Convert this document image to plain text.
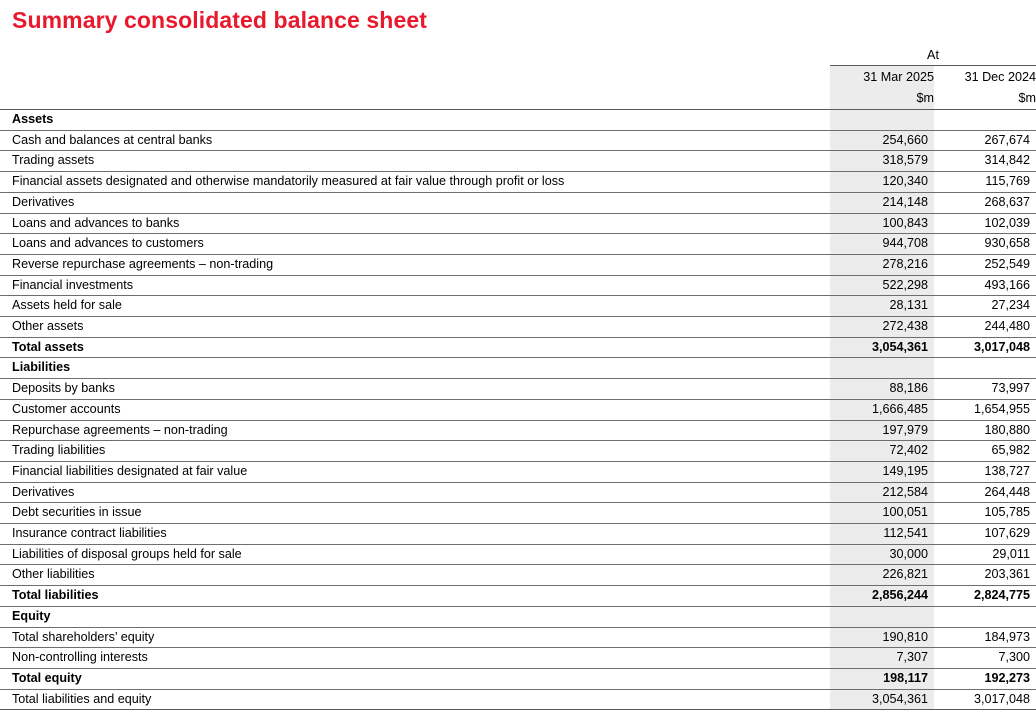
Summary consolidated balance sheet
	At	
	31 Mar 2025	31 Dec 2024
	$m	$m
Assets		
Cash and balances at central banks	254,660	267,674
Trading assets	318,579	314,842
Financial assets designated and otherwise mandatorily measured at fair value through profit or loss	120,340	115,769
Derivatives	214,148	268,637
Loans and advances to banks	100,843	102,039
Loans and advances to customers	944,708	930,658
Reverse repurchase agreements – non-trading	278,216	252,549
Financial investments	522,298	493,166
Assets held for sale	28,131	27,234
Other assets	272,438	244,480
Total assets	3,054,361	3,017,048
Liabilities		
Deposits by banks	88,186	73,997
Customer accounts	1,666,485	1,654,955
Repurchase agreements – non-trading	197,979	180,880
Trading liabilities	72,402	65,982
Financial liabilities designated at fair value	149,195	138,727
Derivatives	212,584	264,448
Debt securities in issue	100,051	105,785
Insurance contract liabilities	112,541	107,629
Liabilities of disposal groups held for sale	30,000	29,011
Other liabilities	226,821	203,361
Total liabilities	2,856,244	2,824,775
Equity		
Total shareholders’ equity	190,810	184,973
Non-controlling interests	7,307	7,300
Total equity	198,117	192,273
Total liabilities and equity	3,054,361	3,017,048
